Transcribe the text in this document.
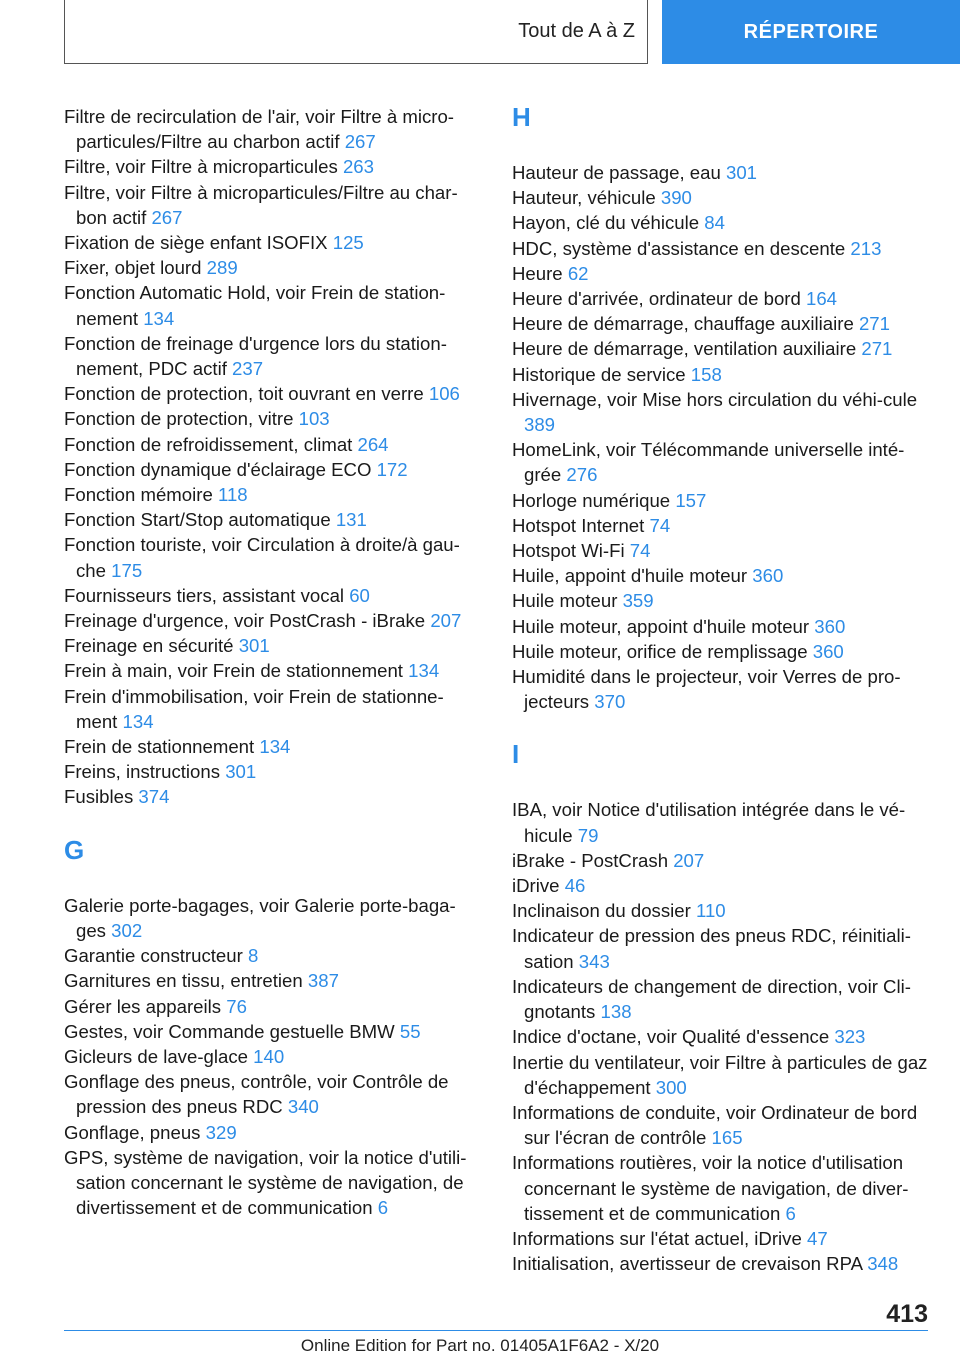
Tout de A à Z	RÉPERTOIRE
Filtre de recirculation de l'air, voir Filtre à micro‐particules/Filtre au charbon actif 267
Filtre, voir Filtre à microparticules 263
Filtre, voir Filtre à microparticules/Filtre au char‐bon actif 267
Fixation de siège enfant ISOFIX 125
Fixer, objet lourd 289
Fonction Automatic Hold, voir Frein de station‐nement 134
Fonction de freinage d'urgence lors du station‐nement, PDC actif 237
Fonction de protection, toit ouvrant en verre 106
Fonction de protection, vitre 103
Fonction de refroidissement, climat 264
Fonction dynamique d'éclairage ECO 172
Fonction mémoire 118
Fonction Start/Stop automatique 131
Fonction touriste, voir Circulation à droite/à gau‐che 175
Fournisseurs tiers, assistant vocal 60
Freinage d'urgence, voir PostCrash - iBrake 207
Freinage en sécurité 301
Frein à main, voir Frein de stationnement 134
Frein d'immobilisation, voir Frein de stationne‐ment 134
Frein de stationnement 134
Freins, instructions 301
Fusibles 374
G
Galerie porte-bagages, voir Galerie porte-baga‐ges 302
Garantie constructeur 8
Garnitures en tissu, entretien 387
Gérer les appareils 76
Gestes, voir Commande gestuelle BMW 55
Gicleurs de lave-glace 140
Gonflage des pneus, contrôle, voir Contrôle de pression des pneus RDC 340
Gonflage, pneus 329
GPS, système de navigation, voir la notice d'utili‐sation concernant le système de navigation, de divertissement et de communication 6
H
Hauteur de passage, eau 301
Hauteur, véhicule 390
Hayon, clé du véhicule 84
HDC, système d'assistance en descente 213
Heure 62
Heure d'arrivée, ordinateur de bord 164
Heure de démarrage, chauffage auxiliaire 271
Heure de démarrage, ventilation auxiliaire 271
Historique de service 158
Hivernage, voir Mise hors circulation du véhi‐cule 389
HomeLink, voir Télécommande universelle inté‐grée 276
Horloge numérique 157
Hotspot Internet 74
Hotspot Wi-Fi 74
Huile, appoint d'huile moteur 360
Huile moteur 359
Huile moteur, appoint d'huile moteur 360
Huile moteur, orifice de remplissage 360
Humidité dans le projecteur, voir Verres de pro‐jecteurs 370
I
IBA, voir Notice d'utilisation intégrée dans le vé‐hicule 79
iBrake - PostCrash 207
iDrive 46
Inclinaison du dossier 110
Indicateur de pression des pneus RDC, réinitiali‐sation 343
Indicateurs de changement de direction, voir Cli‐gnotants 138
Indice d'octane, voir Qualité d'essence 323
Inertie du ventilateur, voir Filtre à particules de gaz d'échappement 300
Informations de conduite, voir Ordinateur de bord sur l'écran de contrôle 165
Informations routières, voir la notice d'utilisation concernant le système de navigation, de diver‐tissement et de communication 6
Informations sur l'état actuel, iDrive 47
Initialisation, avertisseur de crevaison RPA 348
413
Online Edition for Part no. 01405A1F6A2 - X/20
